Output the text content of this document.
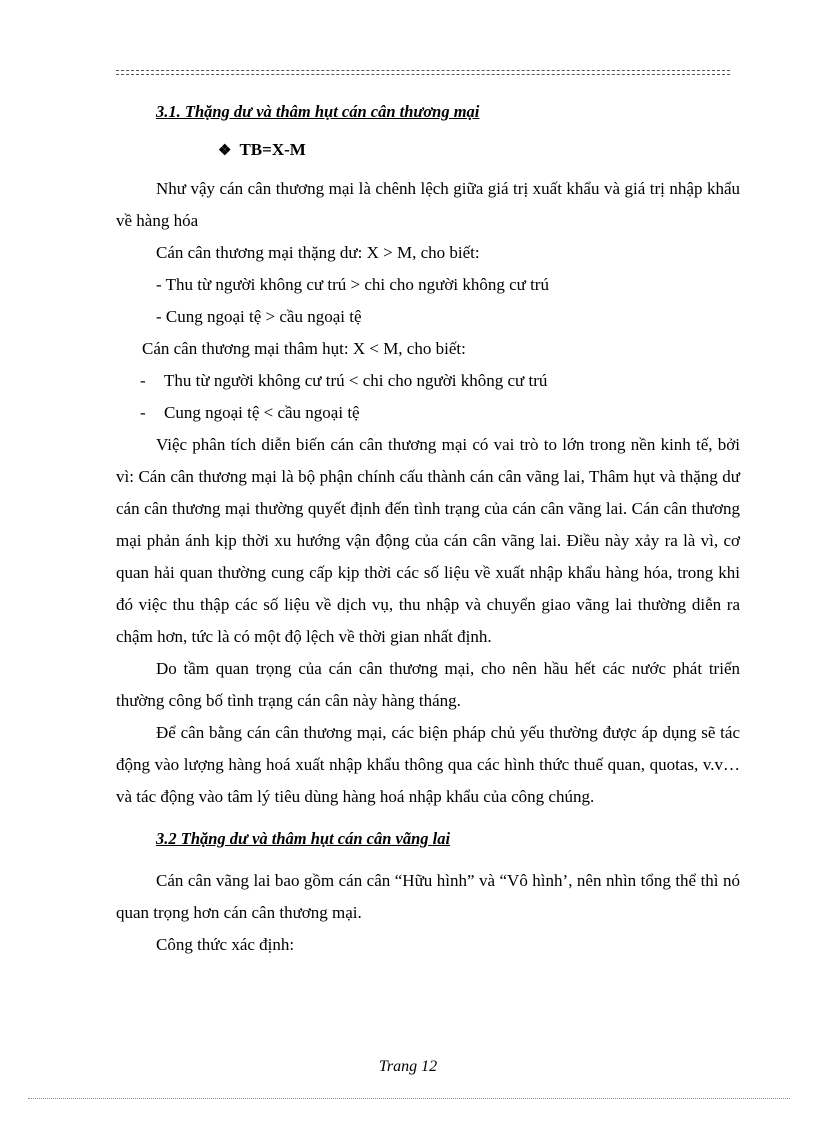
3.1. Thặng dư và thâm hụt cán cân thương mại

❖ TB=X-M

Như vậy cán cân thương mại là chênh lệch giữa giá trị xuất khẩu và giá trị nhập khẩu về hàng hóa

Cán cân thương mại thặng dư: X > M, cho biết:

- Thu từ người không cư trú > chi cho người không cư trú

- Cung ngoại tệ > cầu ngoại tệ

Cán cân thương mại thâm hụt: X < M, cho biết:

- Thu từ người không cư trú < chi cho người không cư trú

- Cung ngoại tệ < cầu ngoại tệ

Việc phân tích diễn biến cán cân thương mại có vai trò to lớn trong nền kinh tế, bởi vì: Cán cân thương mại là bộ phận chính cấu thành cán cân vãng lai, Thâm hụt và thặng dư cán cân thương mại thường quyết định đến tình trạng của cán cân vãng lai. Cán cân thương mại phản ánh kịp thời xu hướng vận động của cán cân vãng lai. Điều này xảy ra là vì, cơ quan hải quan thường cung cấp kịp thời các số liệu về xuất nhập khẩu hàng hóa, trong khi đó việc thu thập các số liệu về dịch vụ, thu nhập và chuyển giao vãng lai thường diễn ra chậm hơn, tức là có một độ lệch về thời gian nhất định.

Do tầm quan trọng của cán cân thương mại, cho nên hầu hết các nước phát triển thường công bố tình trạng cán cân này hàng tháng.

Để cân bằng cán cân thương mại, các biện pháp chủ yếu thường được áp dụng sẽ tác động vào lượng hàng hoá xuất nhập khẩu thông qua các hình thức thuế quan, quotas, v.v… và tác động vào tâm lý tiêu dùng hàng hoá nhập khẩu của công chúng.

3.2 Thặng dư và thâm hụt cán cân vãng lai

Cán cân vãng lai bao gồm cán cân “Hữu hình” và “Vô hình’, nên nhìn tổng thể thì nó quan trọng hơn cán cân thương mại.

Công thức xác định:

Trang 12
